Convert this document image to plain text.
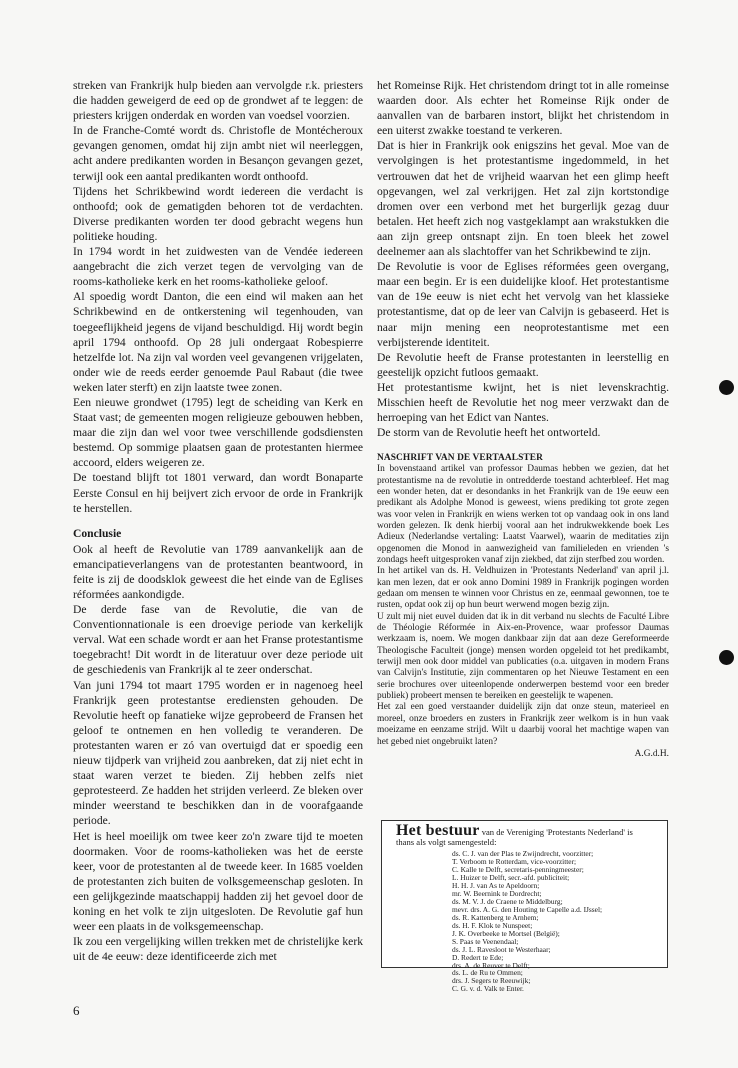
streken van Frankrijk hulp bieden aan vervolgde r.k. priesters die hadden geweigerd de eed op de grondwet af te leggen: de priesters krijgen onderdak en worden van voedsel voorzien.

In de Franche-Comté wordt ds. Christofle de Montécheroux gevangen genomen, omdat hij zijn ambt niet wil neerleggen, acht andere predikanten worden in Besançon gevangen gezet, terwijl ook een aantal predikanten wordt onthoofd.

Tijdens het Schrikbewind wordt iedereen die verdacht is onthoofd; ook de gematigden behoren tot de verdachten. Diverse predikanten worden ter dood gebracht wegens hun politieke houding.

In 1794 wordt in het zuidwesten van de Vendée iedereen aangebracht die zich verzet tegen de vervolging van de rooms-katholieke kerk en het rooms-katholieke geloof.

Al spoedig wordt Danton, die een eind wil maken aan het Schrikbewind en de ontkerstening wil tegenhouden, van toegeeflijkheid jegens de vijand beschuldigd. Hij wordt begin april 1794 onthoofd. Op 28 juli ondergaat Robespierre hetzelfde lot. Na zijn val worden veel gevangenen vrijgelaten, onder wie de reeds eerder genoemde Paul Rabaut (die twee weken later sterft) en zijn laatste twee zonen.

Een nieuwe grondwet (1795) legt de scheiding van Kerk en Staat vast; de gemeenten mogen religieuze gebouwen hebben, maar die zijn dan wel voor twee verschillende godsdiensten bestemd. Op sommige plaatsen gaan de protestanten hiermee accoord, elders weigeren ze.

De toestand blijft tot 1801 verward, dan wordt Bonaparte Eerste Consul en hij beijvert zich ervoor de orde in Frankrijk te herstellen.

Conclusie

Ook al heeft de Revolutie van 1789 aanvankelijk aan de emancipatieverlangens van de protestanten beantwoord, in feite is zij de doodsklok geweest die het einde van de Eglises réformées aankondigde.

De derde fase van de Revolutie, die van de Conventionnationale is een droevige periode van kerkelijk verval. Wat een schade wordt er aan het Franse protestantisme toegebracht! Dit wordt in de literatuur over deze periode uit de geschiedenis van Frankrijk al te zeer onderschat.

Van juni 1794 tot maart 1795 worden er in nagenoeg heel Frankrijk geen protestantse erediensten gehouden. De Revolutie heeft op fanatieke wijze geprobeerd de Fransen het geloof te ontnemen en hen volledig te veranderen. De protestanten waren er zó van overtuigd dat er spoedig een nieuw tijdperk van vrijheid zou aanbreken, dat zij niet echt in staat waren verzet te bieden. Zij hebben zelfs niet geprotesteerd. Ze hadden het strijden verleerd. Ze bleken over minder weerstand te beschikken dan in de voorafgaande periode.

Het is heel moeilijk om twee keer zo'n zware tijd te moeten doormaken. Voor de rooms-katholieken was het de eerste keer, voor de protestanten al de tweede keer. In 1685 voelden de protestanten zich buiten de volksgemeenschap gesloten. In een gelijkgezinde maatschappij hadden zij het gevoel door de koning en het volk te zijn uitgesloten. De Revolutie gaf hun weer een plaats in de volksgemeenschap.

Ik zou een vergelijking willen trekken met de christelijke kerk uit de 4e eeuw: deze identificeerde zich met

het Romeinse Rijk. Het christendom dringt tot in alle romeinse waarden door. Als echter het Romeinse Rijk onder de aanvallen van de barbaren instort, blijkt het christendom in een uiterst zwakke toestand te verkeren.

Dat is hier in Frankrijk ook enigszins het geval. Moe van de vervolgingen is het protestantisme ingedommeld, in het vertrouwen dat het de vrijheid waarvan het een glimp heeft opgevangen, wel zal verkrijgen. Het zal zijn kortstondige dromen over een verbond met het burgerlijk gezag duur betalen. Het heeft zich nog vastgeklampt aan wrakstukken die aan zijn greep ontsnapt zijn. En toen bleek het zowel deelnemer aan als slachtoffer van het Schrikbewind te zijn.

De Revolutie is voor de Eglises réformées geen overgang, maar een begin. Er is een duidelijke kloof. Het protestantisme van de 19e eeuw is niet echt het vervolg van het klassieke protestantisme, dat op de leer van Calvijn is gebaseerd. Het is naar mijn mening een neoprotestantisme met een verbijsterende identiteit.

De Revolutie heeft de Franse protestanten in leerstellig en geestelijk opzicht futloos gemaakt.

Het protestantisme kwijnt, het is niet levenskrachtig. Misschien heeft de Revolutie het nog meer verzwakt dan de herroeping van het Edict van Nantes.

De storm van de Revolutie heeft het ontworteld.

NASCHRIFT VAN DE VERTAALSTER

In bovenstaand artikel van professor Daumas hebben we gezien, dat het protestantisme na de revolutie in ontredderde toestand achterbleef. Het mag een wonder heten, dat er desondanks in het Frankrijk van de 19e eeuw een predikant als Adolphe Monod is geweest, wiens prediking tot grote zegen was voor velen in Frankrijk en wiens werken tot op vandaag ook in ons land worden gelezen. Ik denk hierbij vooral aan het indrukwekkende boek Les Adieux (Nederlandse vertaling: Laatst Vaarwel), waarin de meditaties zijn opgenomen die Monod in aanwezigheid van familieleden en vrienden 's zondags heeft uitgesproken vanaf zijn ziekbed, dat zijn sterfbed zou worden.

In het artikel van ds. H. Veldhuizen in 'Protestants Nederland' van april j.l. kan men lezen, dat er ook anno Domini 1989 in Frankrijk pogingen worden gedaan om mensen te winnen voor Christus en ze, eenmaal gewonnen, toe te rusten, opdat ook zij op hun beurt werwend mogen bezig zijn.

U zult mij niet euvel duiden dat ik in dit verband nu slechts de Faculté Libre de Théologie Réformée in Aix-en-Provence, waar professor Daumas werkzaam is, noem. We mogen dankbaar zijn dat aan deze Gereformeerde Theologische Faculteit (jonge) mensen worden opgeleid tot het predikambt, terwijl men ook door middel van publicaties (o.a. uitgaven in modern Frans van Calvijn's Institutie, zijn commentaren op het Nieuwe Testament en een serie brochures over uiteenlopende onderwerpen bestemd voor een breder publiek) probeert mensen te bereiken en geestelijk te wapenen.

Het zal een goed verstaander duidelijk zijn dat onze steun, materieel en moreel, onze broeders en zusters in Frankrijk zeer welkom is in hun vaak moeizame en eenzame strijd. Wilt u daarbij vooral het machtige wapen van het gebed niet ongebruikt laten?

A.G.d.H.

Het bestuur van de Vereniging 'Protestants Nederland' is thans als volgt samengesteld:
ds. C. J. van der Plas te Zwijndrecht, voorzitter;
T. Verboom te Rotterdam, vice-voorzitter;
C. Kalle te Delft, secretaris-penningmeester;
L. Huizer te Delft, secr.-afd. publiciteit;
H. H. J. van As te Apeldoorn;
mr. W. Beernink te Dordrecht;
ds. M. V. J. de Craene te Middelburg;
mevr. drs. A. G. den Houting te Capelle a.d. IJssel;
ds. R. Kattenberg te Arnhem;
ds. H. F. Klok te Nunspeet;
J. K. Overbeeke te Mortsel (België);
S. Paas te Veenendaal;
ds. J. L. Ravesloot te Westerhaar;
D. Redert te Ede;
drs. A. de Reuver te Delft;
ds. L. de Ru te Ommen;
drs. J. Segers te Reeuwijk;
C. G. v. d. Valk te Enter.
6
